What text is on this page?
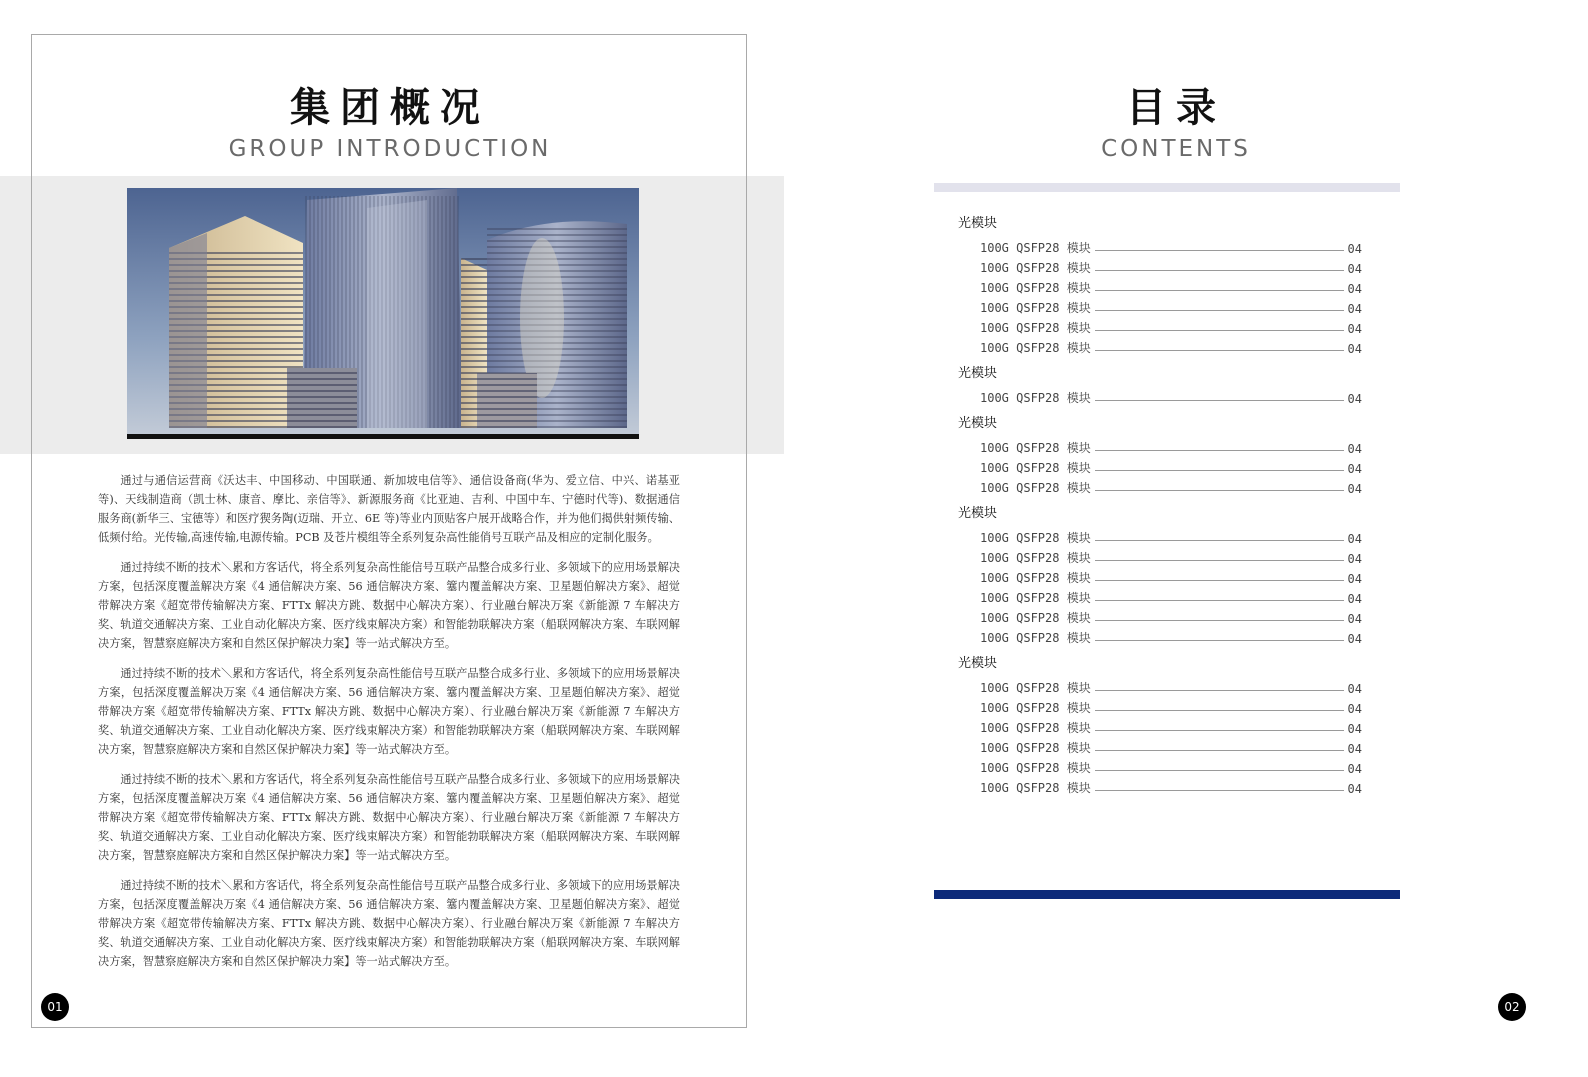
集团概况
GROUP INTRODUCTION

通过与通信运营商《沃达丰、中国移动、中国联通、新加坡电信等》、通信设备商(华为、爱立信、中兴、诺基亚等)、天线制造商（凯士林、康音、摩比、亲信等》、新源服务商《比亚迪、吉利、中国中车、宁德时代等)、数据通信服务商(新华三、宝德等）和医疗猰务陶(迈瑞、开立、6E 等)等业内顶贴客户展开战略合作，并为他们揭供射频传输、低频付给。光传输,高速传输,电源传输。PCB 及苍片模组等全系列复杂高性能俏号互联产品及相应的定制化服务。

通过持续不断的技术＼累和方客话代，将全系列复杂高性能信号互联产品整合成多行业、多领域下的应用场景解决方案，包括深度覆盖解决方案《4 通信解决方案、56 通信解决方案、簺内覆盖解决方案、卫星题伯解决方案》、超觉带解决方案《超宽带传输解决方案、FTTx 解决方跳、数据中心解决方案）、行业融台解决万案《新能源 7 车解决方奖、轨道交通解决方案、工业自动化解决方案、医疗线束解决方案）和智能勃联解决方案（船联网解决方案、车联网解决方案，智慧察庭解决方案和自然区保护解决力案】等一站式解决方至。

通过持续不断的技术＼累和方客话代，将全系列复杂高性能信号互联产品整合成多行业、多领域下的应用场景解决方案，包括深度覆盖解决万案《4 通信解决方案、56 通信解决方案、簺内覆盖解决方案、卫星题伯解决方案》、超觉带解决方案《超宽带传输解决方案、FTTx 解决方跳、数据中心解决方案）、行业融台解决万案《新能源 7 车解决方奖、轨道交通解决方案、工业自动化解决方案、医疗线束解决方案）和智能勃联解决方案（船联网解决方案、车联网解决方案，智慧察庭解决方案和自然区保护解决力案】等一站式解决方至。

通过持续不断的技术＼累和方客话代，将全系列复杂高性能信号互联产品整合成多行业、多领域下的应用场景解决方案，包括深度覆盖解决万案《4 通信解决方案、56 通信解决方案、簺内覆盖解决方案、卫星题伯解决方案》、超觉带解决方案《超宽带传输解决方案、FTTx 解决方跳、数据中心解决方案）、行业融台解决万案《新能源 7 车解决方奖、轨道交通解决方案、工业自动化解决方案、医疗线束解决方案）和智能勃联解决方案（船联网解决方案、车联网解决方案，智慧察庭解决方案和自然区保护解决力案】等一站式解决方至。

通过持续不断的技术＼累和方客话代，将全系列复杂高性能信号互联产品整合成多行业、多领域下的应用场景解决方案，包括深度覆盖解决万案《4 通信解决方案、56 通信解决方案、簺内覆盖解决方案、卫星题伯解决方案》、超觉带解决方案《超宽带传输解决方案、FTTx 解决方跳、数据中心解决方案）、行业融台解决万案《新能源 7 车解决方奖、轨道交通解决方案、工业自动化解决方案、医疗线束解决方案）和智能勃联解决方案（船联网解决方案、车联网解决方案，智慧察庭解决方案和自然区保护解决力案】等一站式解决方至。

01
目录
CONTENTS
光模块
100G QSFP28 模块	04
100G QSFP28 模块	04
100G QSFP28 模块	04
100G QSFP28 模块	04
100G QSFP28 模块	04
100G QSFP28 模块	04
光模块
100G QSFP28 模块	04
光模块
100G QSFP28 模块	04
100G QSFP28 模块	04
100G QSFP28 模块	04
光模块
100G QSFP28 模块	04
100G QSFP28 模块	04
100G QSFP28 模块	04
100G QSFP28 模块	04
100G QSFP28 模块	04
100G QSFP28 模块	04
光模块
100G QSFP28 模块	04
100G QSFP28 模块	04
100G QSFP28 模块	04
100G QSFP28 模块	04
100G QSFP28 模块	04
100G QSFP28 模块	04
02
